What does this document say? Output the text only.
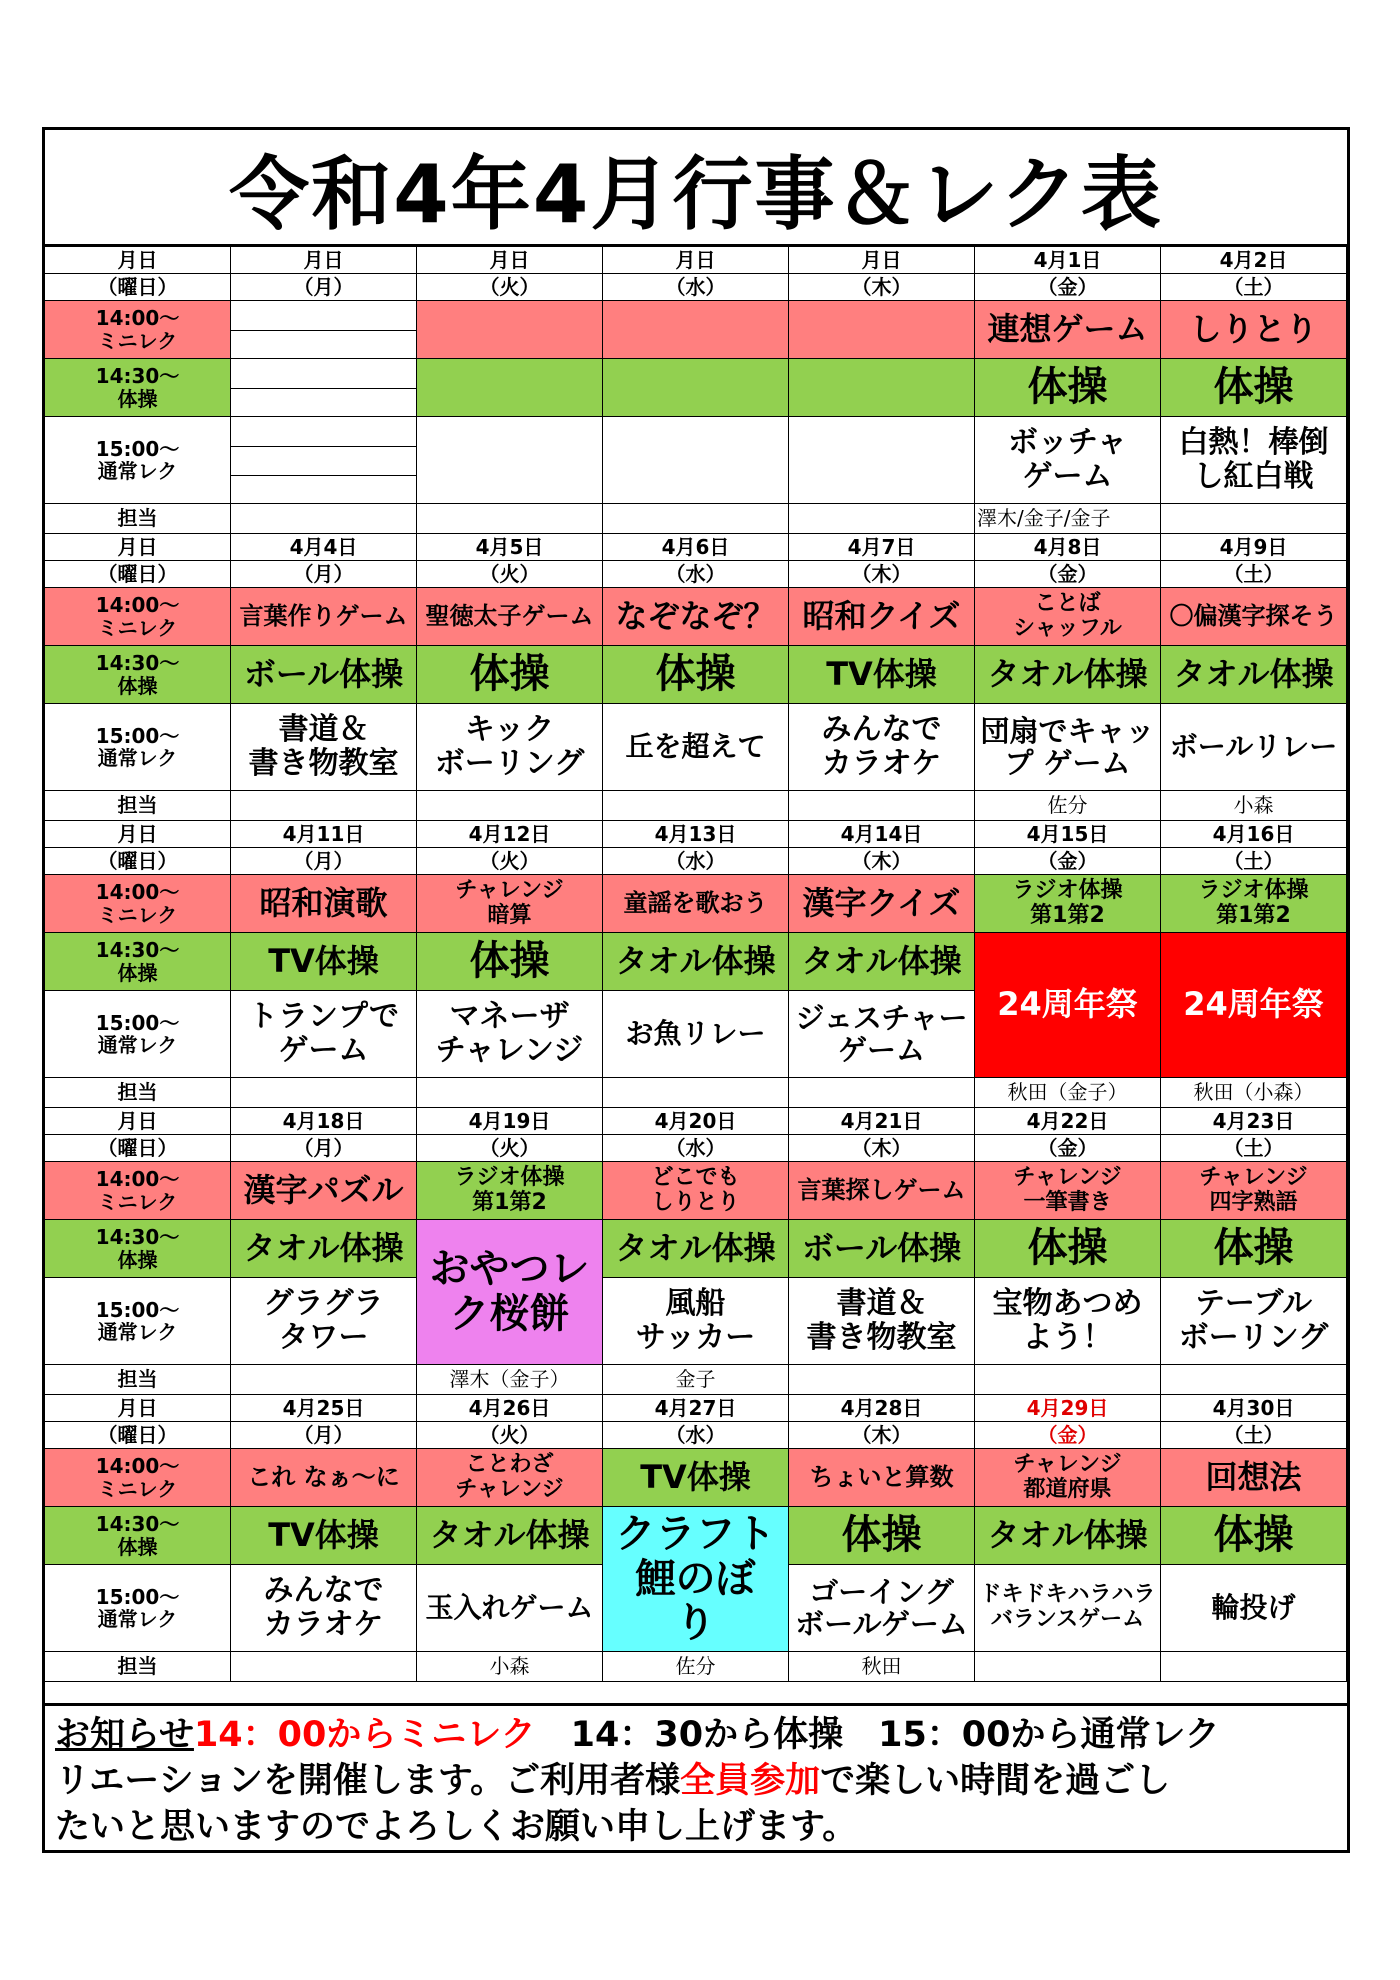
令和4年4月行事＆レク表
月日
（曜日）
14:00～
ミニレク
14:30～
体操
15:00～
通常レク
担当
月日
（月）
月日
（火）
月日
（水）
月日
（木）
4月1日
（金）
連想ゲーム
体操
ボッチャ
ゲーム
澤木/金子/金子
4月2日
（土）
しりとり
体操
白熱！棒倒
し紅白戦
月日
（曜日）
14:00～
ミニレク
14:30～
体操
15:00～
通常レク
担当
4月4日
（月）
言葉作りゲーム
ボール体操
書道＆
書き物教室
4月5日
（火）
聖徳太子ゲーム
体操
キック
ボーリング
4月6日
（水）
なぞなぞ？
体操
丘を超えて
4月7日
（木）
昭和クイズ
TV体操
みんなで
カラオケ
4月8日
（金）
ことば
シャッフル
タオル体操
団扇でキャッ
プ ゲーム
佐分
4月9日
（土）
〇偏漢字探そう
タオル体操
ボールリレー
小森
月日
（曜日）
14:00～
ミニレク
14:30～
体操
15:00～
通常レク
担当
4月11日
（月）
昭和演歌
TV体操
トランプで
ゲーム
4月12日
（火）
チャレンジ
暗算
体操
マネーザ
チャレンジ
4月13日
（水）
童謡を歌おう
タオル体操
お魚リレー
4月14日
（木）
漢字クイズ
タオル体操
ジェスチャー
ゲーム
4月15日
（金）
ラジオ体操
第1第2
24周年祭
秋田（金子）
4月16日
（土）
ラジオ体操
第1第2
24周年祭
秋田（小森）
月日
（曜日）
14:00～
ミニレク
14:30～
体操
15:00～
通常レク
担当
4月18日
（月）
漢字パズル
タオル体操
グラグラ
タワー
4月19日
（火）
ラジオ体操
第1第2
おやつレ
ク桜餅
澤木（金子）
4月20日
（水）
どこでも
しりとり
タオル体操
風船
サッカー
金子
4月21日
（木）
言葉探しゲーム
ボール体操
書道＆
書き物教室
4月22日
（金）
チャレンジ
一筆書き
体操
宝物あつめ
よう！
4月23日
（土）
チャレンジ
四字熟語
体操
テーブル
ボーリング
月日
（曜日）
14:00～
ミニレク
14:30～
体操
15:00～
通常レク
担当
4月25日
（月）
これ なぁ～に
TV体操
みんなで
カラオケ
4月26日
（火）
ことわざ
チャレンジ
タオル体操
玉入れゲーム
小森
4月27日
（水）
TV体操
クラフト
鯉のぼ
り
佐分
4月28日
（木）
ちょいと算数
体操
ゴーイング
ボールゲーム
秋田
4月29日
（金）
チャレンジ
都道府県
タオル体操
ドキドキハラハラ
バランスゲーム
4月30日
（土）
回想法
体操
輪投げ
お知らせ14：00からミニレク　14：30から体操　15：00から通常レク
リエーションを開催します。ご利用者様全員参加で楽しい時間を過ごし
たいと思いますのでよろしくお願い申し上げます。
